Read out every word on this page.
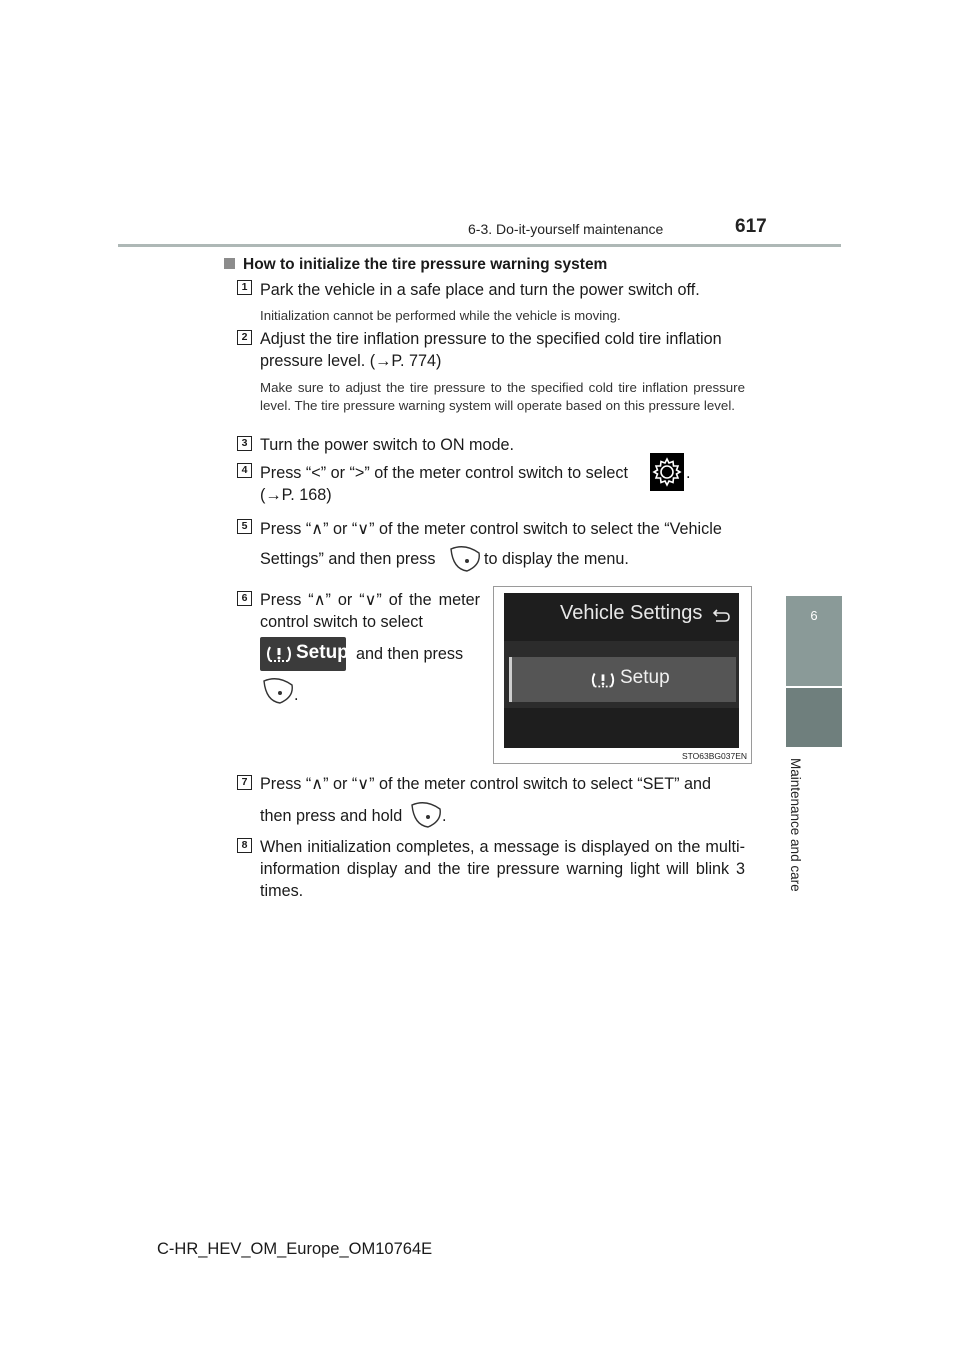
6-3. Do-it-yourself maintenance	617
6
Maintenance and care
How to initialize the tire pressure warning system
1 Park the vehicle in a safe place and turn the power switch off.
Initialization cannot be performed while the vehicle is moving.
2 Adjust the tire inflation pressure to the specified cold tire inflation
pressure level. (→P. 774)
Make sure to adjust the tire pressure to the specified cold tire inflation pressure level. The tire pressure warning system will operate based on this pressure level.
3 Turn the power switch to ON mode.
4 Press “<” or “>” of the meter control switch to select	.
(→P. 168)
5 Press “∧” or “∨” of the meter control switch to select the “Vehicle
Settings” and then press	to display the menu.
6 Press “∧” or “∨” of the meter control switch to select
Setup and then press
.
Vehicle Settings
Setup
STO63BG037EN
7 Press “∧” or “∨” of the meter control switch to select “SET” and
then press and hold .
8 When initialization completes, a message is displayed on the multi-information display and the tire pressure warning light will blink 3 times.
C-HR_HEV_OM_Europe_OM10764E
